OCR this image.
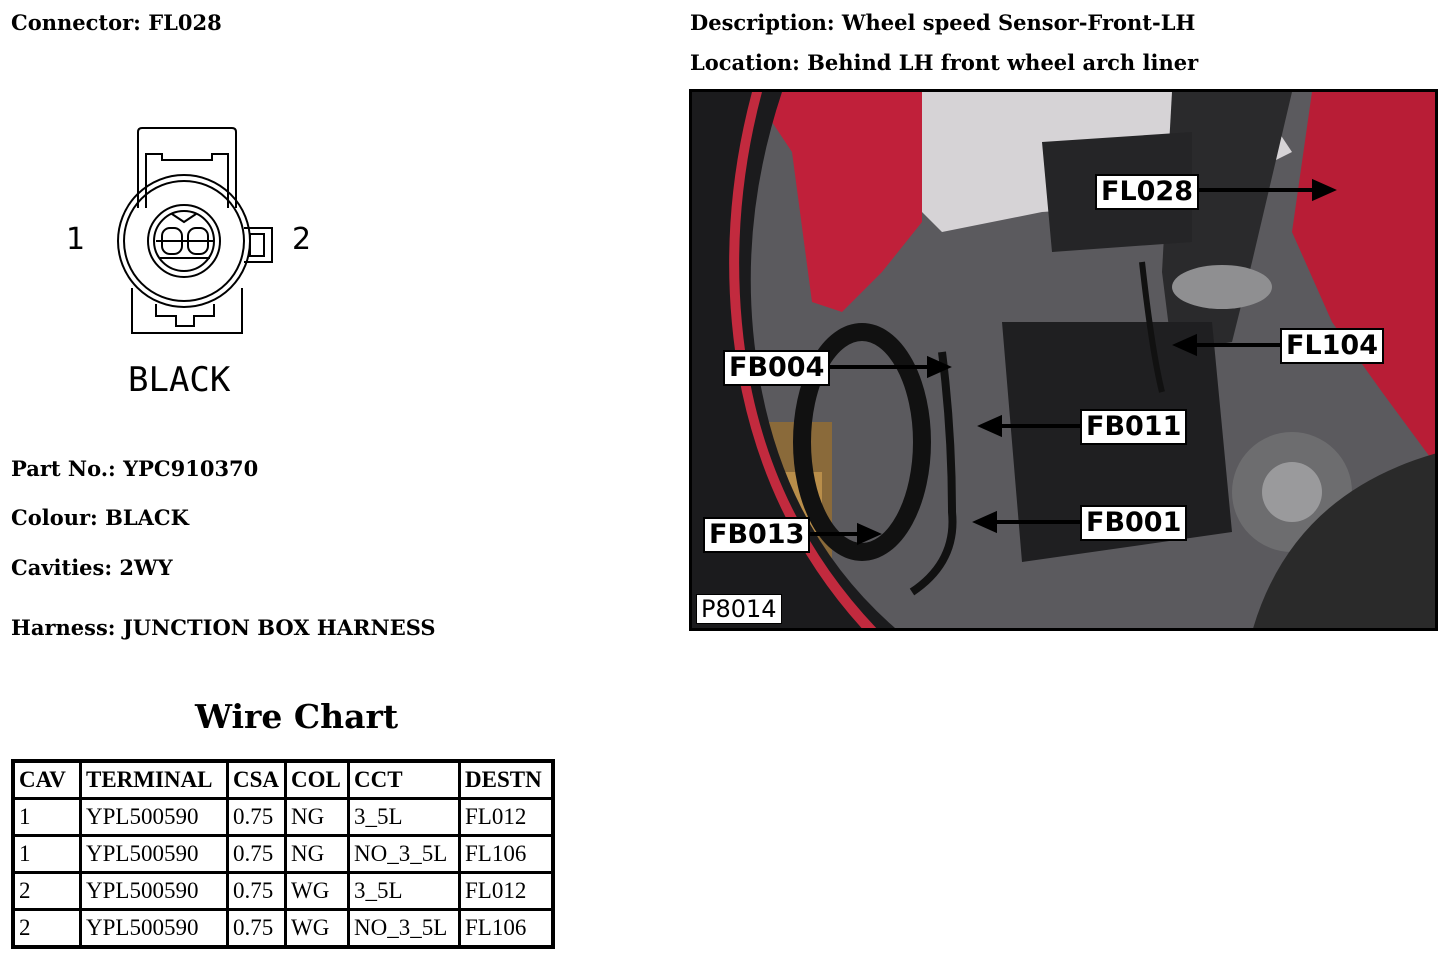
Connector: FL028	Description: Wheel speed Sensor-Front-LH
Location: Behind LH front wheel arch liner
1	2
BLACK
Part No.: YPC910370
Colour: BLACK
Cavities: 2WY
Harness: JUNCTION BOX HARNESS
Wire Chart
CAV	TERMINAL	CSA	COL	CCT	DESTN
1	YPL500590	0.75	NG	3_5L	FL012
1	YPL500590	0.75	NG	NO_3_5L	FL106
2	YPL500590	0.75	WG	3_5L	FL012
2	YPL500590	0.75	WG	NO_3_5L	FL106
FL028
FL104
FB004
FB011
FB013	FB001
P8014
